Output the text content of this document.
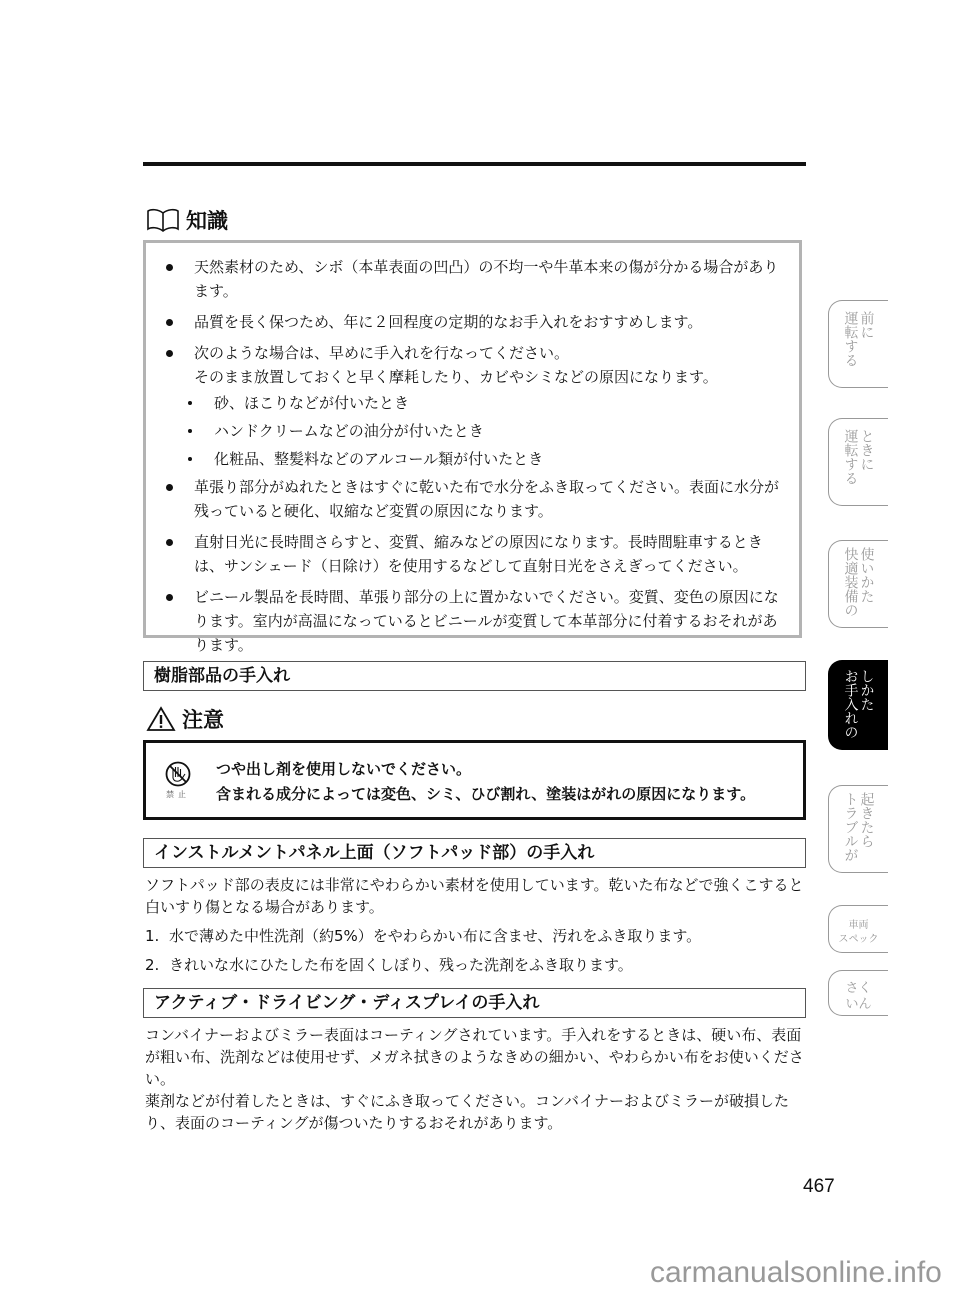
知識
天然素材のため、シボ（本革表面の凹凸）の不均一や牛革本来の傷が分かる場合があります。
品質を長く保つため、年に２回程度の定期的なお手入れをおすすめします。
次のような場合は、早めに手入れを行なってください。
そのまま放置しておくと早く摩耗したり、カビやシミなどの原因になります。
砂、ほこりなどが付いたとき
ハンドクリームなどの油分が付いたとき
化粧品、整髪料などのアルコール類が付いたとき
革張り部分がぬれたときはすぐに乾いた布で水分をふき取ってください。表面に水分が残っていると硬化、収縮など変質の原因になります。
直射日光に長時間さらすと、変質、縮みなどの原因になります。長時間駐車するときは、サンシェード（日除け）を使用するなどして直射日光をさえぎってください。
ビニール製品を長時間、革張り部分の上に置かないでください。変質、変色の原因になります。室内が高温になっているとビニールが変質して本革部分に付着するおそれがあります。
樹脂部品の手入れ
注意
禁止
つや出し剤を使用しないでください。
含まれる成分によっては変色、シミ、ひび割れ、塗装はがれの原因になります。
インストルメントパネル上面（ソフトパッド部）の手入れ
ソフトパッド部の表皮には非常にやわらかい素材を使用しています。乾いた布などで強くこすると白いすり傷となる場合があります。
1. 水で薄めた中性洗剤（約5%）をやわらかい布に含ませ、汚れをふき取ります。
2. きれいな水にひたした布を固くしぼり、残った洗剤をふき取ります。
アクティブ・ドライビング・ディスプレイの手入れ
コンバイナーおよびミラー表面はコーティングされています。手入れをするときは、硬い布、表面が粗い布、洗剤などは使用せず、メガネ拭きのようなきめの細かい、やわらかい布をお使いください。
薬剤などが付着したときは、すぐにふき取ってください。コンバイナーおよびミラーが破損したり、表面のコーティングが傷ついたりするおそれがあります。
運転する 前に
運転する ときに
快適装備の 使いかた
お手入れの しかた
トラブルが 起きたら
車両
スペック
さく
いん
467
carmanualsonline.info
